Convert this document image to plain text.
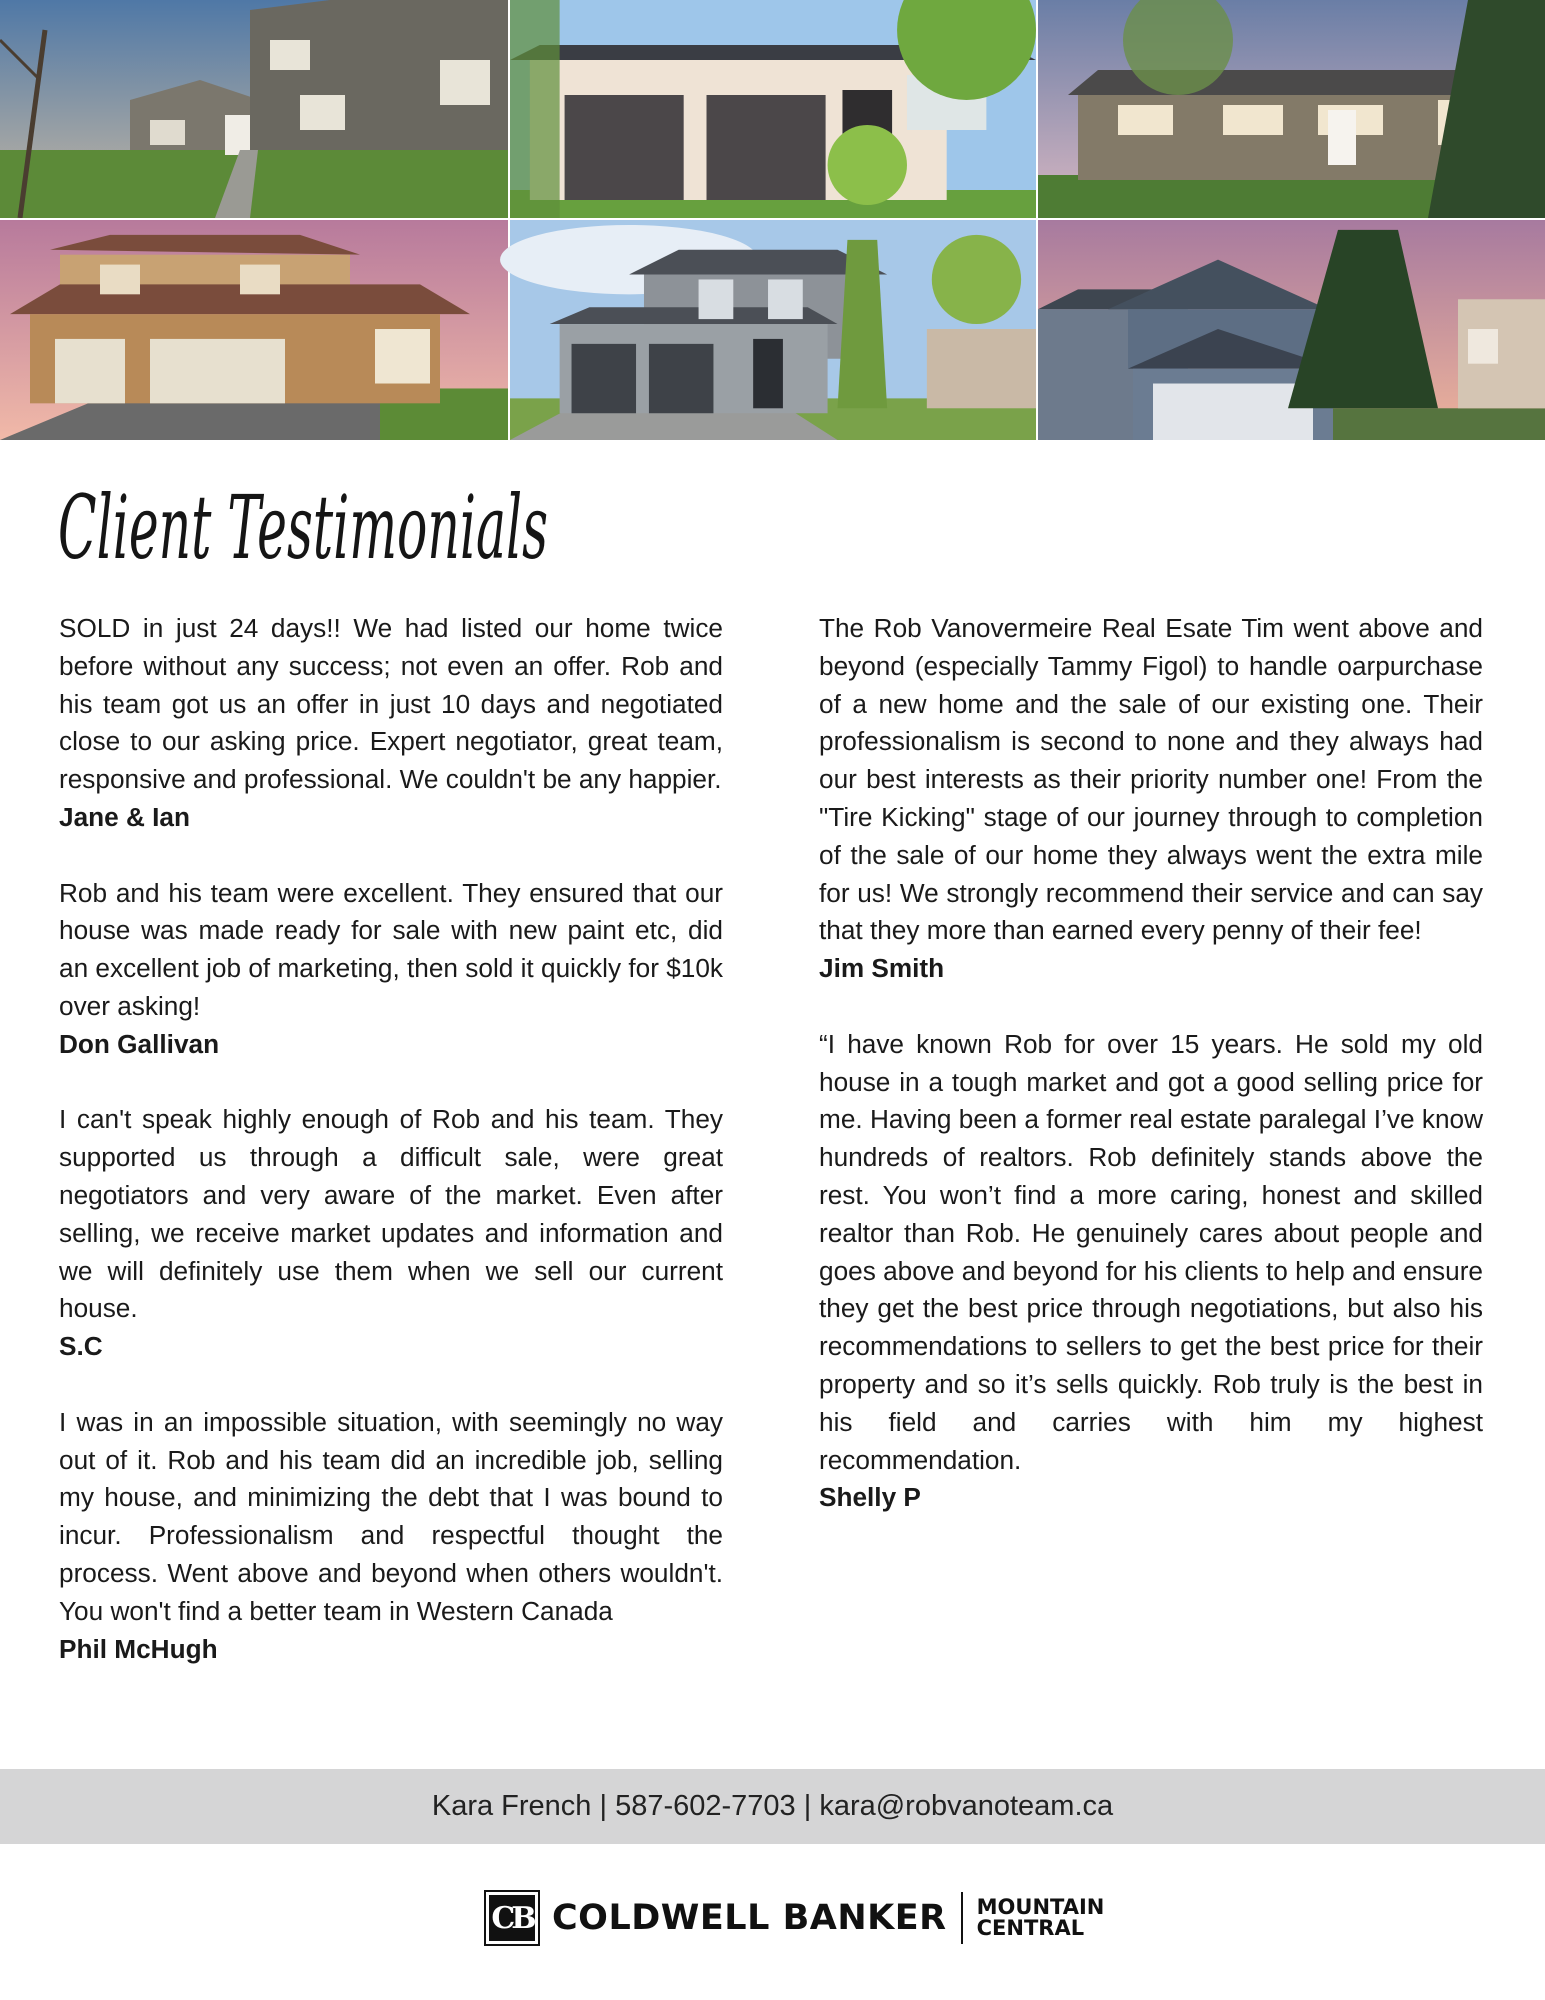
Client Testimonials

SOLD in just 24 days!! We had listed our home twice before without any success; not even an offer. Rob and his team got us an offer in just 10 days and negotiated close to our asking price. Expert negotiator, great team, responsive and professional. We couldn't be any happier.

Jane & Ian

Rob and his team were excellent. They ensured that our house was made ready for sale with new paint etc, did an excellent job of marketing, then sold it quickly for $10k over asking!

Don Gallivan

I can't speak highly enough of Rob and his team. They supported us through a difficult sale, were great negotiators and very aware of the market. Even after selling, we receive market updates and information and we will definitely use them when we sell our current house.

S.C

I was in an impossible situation, with seemingly no way out of it. Rob and his team did an incredible job, selling my house, and minimizing the debt that I was bound to incur. Professionalism and respectful thought the process. Went above and beyond when others wouldn't. You won't find a better team in Western Canada

Phil McHugh

The Rob Vanovermeire Real Esate Tim went above and beyond (especially Tammy Figol) to handle oarpurchase of a new home and the sale of our existing one. Their professionalism is second to none and they always had our best interests as their priority number one! From the "Tire Kicking" stage of our journey through to completion of the sale of our home they always went the extra mile for us! We strongly recommend their service and can say that they more than earned every penny of their fee!

Jim Smith

“I have known Rob for over 15 years. He sold my old house in a tough market and got a good selling price for me. Having been a former real estate paralegal I’ve know hundreds of realtors. Rob definitely stands above the rest. You won’t find a more caring, honest and skilled realtor than Rob. He genuinely cares about people and goes above and beyond for his clients to help and ensure they get the best price through negotiations, but also his recommendations to sellers to get the best price for their property and so it’s sells quickly. Rob truly is the best in his field and carries with him my highest recommendation.

Shelly P

Kara French | 587-602-7703 | kara@robvanoteam.ca
CB COLDWELL BANKER MOUNTAIN
CENTRAL
